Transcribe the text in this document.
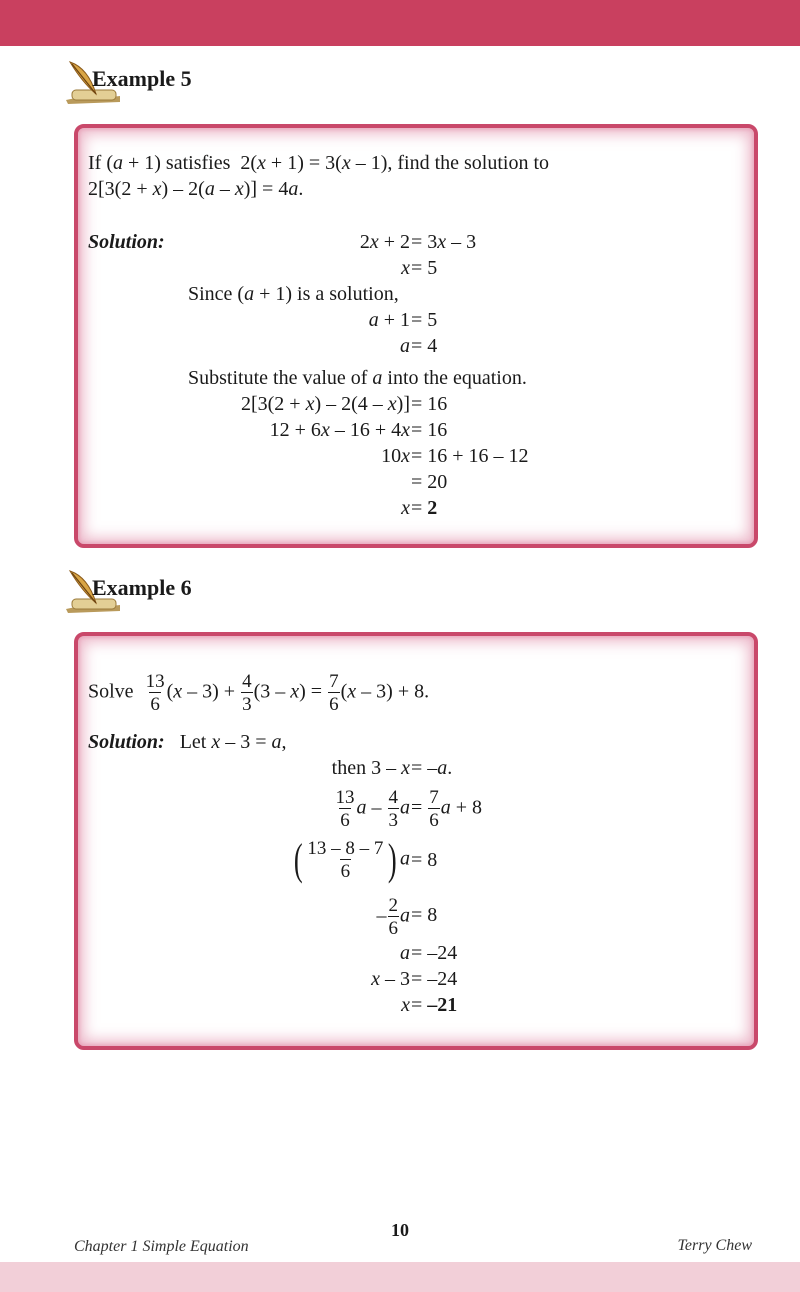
Example 5
If (a + 1) satisfies  2(x + 1) = 3(x – 1), find the solution to
2[3(2 + x) – 2(a – x)] = 4a.
Solution:	2x + 2 = 3x – 3
x = 5
Since (a + 1) is a solution,
a + 1 = 5
a = 4
Substitute the value of a into the equation.
2[3(2 + x) – 2(4 – x)] = 16
12 + 6x – 16 + 4x = 16
10x = 16 + 16 – 12
= 20
x = 2
Example 6
Solve $\frac{13}{6} (x - 3) + \frac{4}{3} (3 - x) = \frac{7}{6} (x - 3) + 8$.
Solution:   Let x – 3 = a,
then 3 – x = –a.
$\frac{13}{6}$ a – $\frac{4}{3}$ $a = \frac{7}{6}$ a + 8
( $\frac{13 - 8 - 7}{6}$ ) a = 8
– $\frac{2}{6}$ a = 8
a = –24
x – 3 = –24
x = –21
10
Chapter 1 Simple Equation	Terry Chew
